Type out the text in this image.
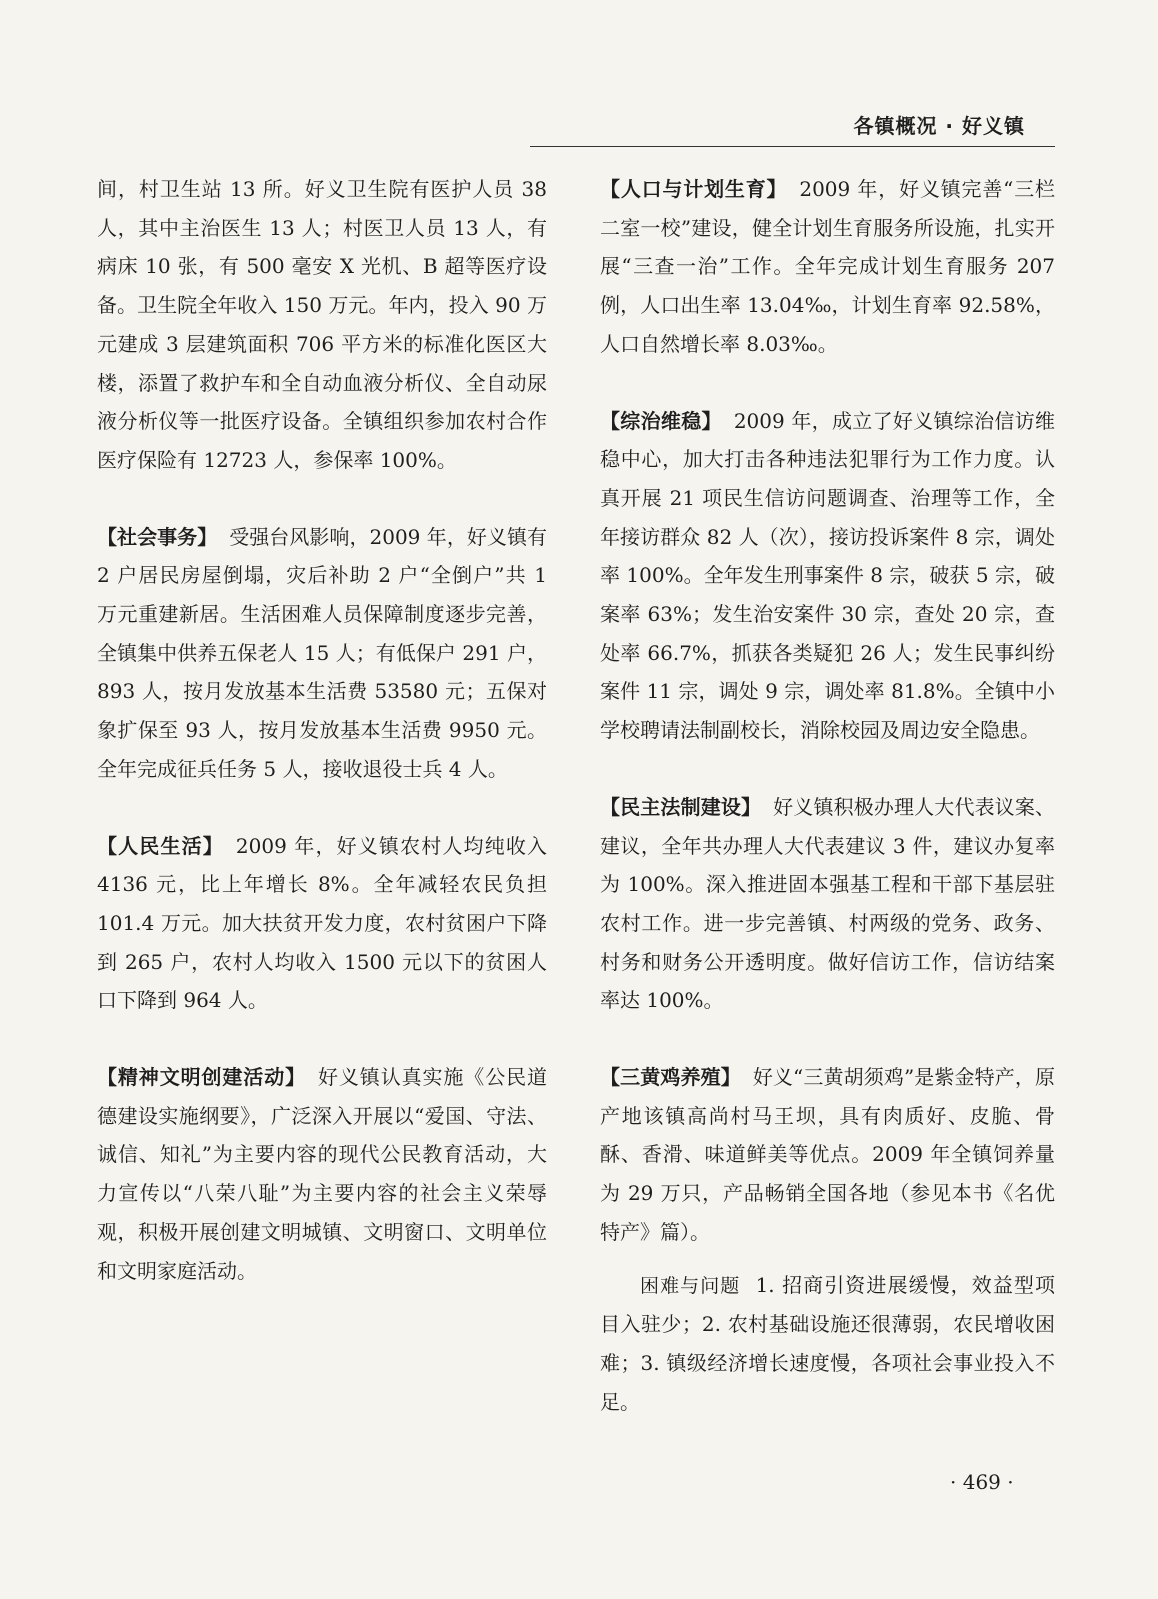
各镇概况 · 好义镇

间，村卫生站 13 所。好义卫生院有医护人员 38 人，其中主治医生 13 人；村医卫人员 13 人，有病床 10 张，有 500 毫安 X 光机、B 超等医疗设备。卫生院全年收入 150 万元。年内，投入 90 万元建成 3 层建筑面积 706 平方米的标准化医区大楼，添置了救护车和全自动血液分析仪、全自动尿液分析仪等一批医疗设备。全镇组织参加农村合作医疗保险有 12723 人，参保率 100%。

【社会事务】 受强台风影响，2009 年，好义镇有 2 户居民房屋倒塌，灾后补助 2 户“全倒户”共 1 万元重建新居。生活困难人员保障制度逐步完善，全镇集中供养五保老人 15 人；有低保户 291 户，893 人，按月发放基本生活费 53580 元；五保对象扩保至 93 人，按月发放基本生活费 9950 元。全年完成征兵任务 5 人，接收退役士兵 4 人。

【人民生活】 2009 年，好义镇农村人均纯收入 4136 元，比上年增长 8%。全年减轻农民负担 101.4 万元。加大扶贫开发力度，农村贫困户下降到 265 户，农村人均收入 1500 元以下的贫困人口下降到 964 人。

【精神文明创建活动】 好义镇认真实施《公民道德建设实施纲要》，广泛深入开展以“爱国、守法、诚信、知礼”为主要内容的现代公民教育活动，大力宣传以“八荣八耻”为主要内容的社会主义荣辱观，积极开展创建文明城镇、文明窗口、文明单位和文明家庭活动。

【人口与计划生育】 2009 年，好义镇完善“三栏二室一校”建设，健全计划生育服务所设施，扎实开展“三查一治”工作。全年完成计划生育服务 207 例，人口出生率 13.04‰，计划生育率 92.58%，人口自然增长率 8.03‰。

【综治维稳】 2009 年，成立了好义镇综治信访维稳中心，加大打击各种违法犯罪行为工作力度。认真开展 21 项民生信访问题调查、治理等工作，全年接访群众 82 人（次），接访投诉案件 8 宗，调处率 100%。全年发生刑事案件 8 宗，破获 5 宗，破案率 63%；发生治安案件 30 宗，查处 20 宗，查处率 66.7%，抓获各类疑犯 26 人；发生民事纠纷案件 11 宗，调处 9 宗，调处率 81.8%。全镇中小学校聘请法制副校长，消除校园及周边安全隐患。

【民主法制建设】 好义镇积极办理人大代表议案、建议，全年共办理人大代表建议 3 件，建议办复率为 100%。深入推进固本强基工程和干部下基层驻农村工作。进一步完善镇、村两级的党务、政务、村务和财务公开透明度。做好信访工作，信访结案率达 100%。

【三黄鸡养殖】 好义“三黄胡须鸡”是紫金特产，原产地该镇高尚村马王坝，具有肉质好、皮脆、骨酥、香滑、味道鲜美等优点。2009 年全镇饲养量为 29 万只，产品畅销全国各地（参见本书《名优特产》篇）。

困难与问题 1. 招商引资进展缓慢，效益型项目入驻少；2. 农村基础设施还很薄弱，农民增收困难；3. 镇级经济增长速度慢，各项社会事业投入不足。

· 469 ·
